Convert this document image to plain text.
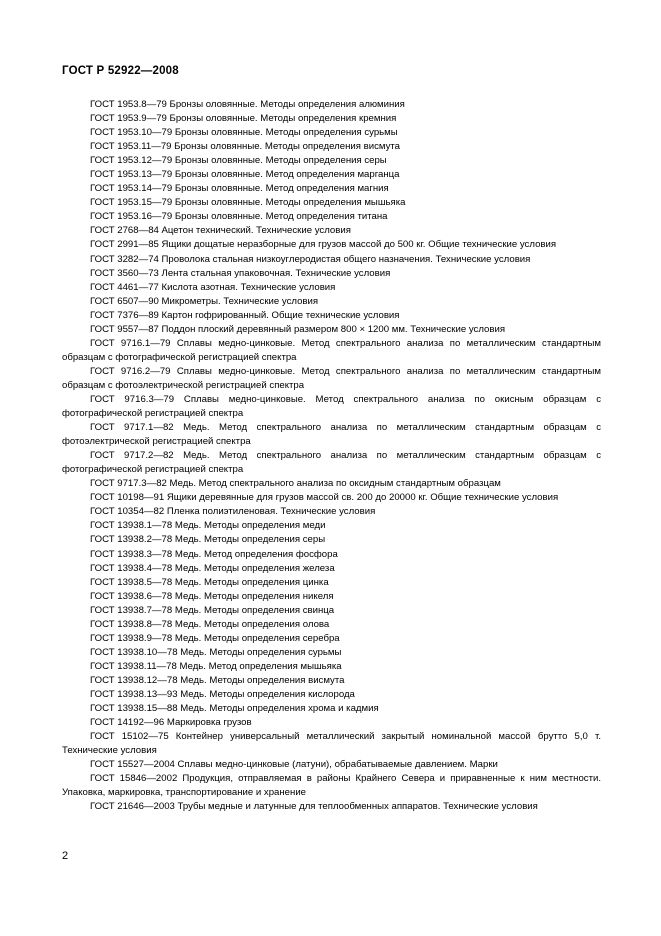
ГОСТ Р 52922—2008
ГОСТ 1953.8—79 Бронзы оловянные. Методы определения алюминия
ГОСТ 1953.9—79 Бронзы оловянные. Методы определения кремния
ГОСТ 1953.10—79 Бронзы оловянные. Методы определения сурьмы
ГОСТ 1953.11—79 Бронзы оловянные. Методы определения висмута
ГОСТ 1953.12—79 Бронзы оловянные. Методы определения серы
ГОСТ 1953.13—79 Бронзы оловянные. Метод определения марганца
ГОСТ 1953.14—79 Бронзы оловянные. Метод определения магния
ГОСТ 1953.15—79 Бронзы оловянные. Методы определения мышьяка
ГОСТ 1953.16—79 Бронзы оловянные. Метод определения титана
ГОСТ 2768—84 Ацетон технический. Технические условия
ГОСТ 2991—85 Ящики дощатые неразборные для грузов массой до 500 кг. Общие технические условия
ГОСТ 3282—74 Проволока стальная низкоуглеродистая общего назначения. Технические условия
ГОСТ 3560—73 Лента стальная упаковочная. Технические условия
ГОСТ 4461—77 Кислота азотная. Технические условия
ГОСТ 6507—90 Микрометры. Технические условия
ГОСТ 7376—89 Картон гофрированный. Общие технические условия
ГОСТ 9557—87 Поддон плоский деревянный размером 800 × 1200 мм. Технические условия
ГОСТ 9716.1—79 Сплавы медно-цинковые. Метод спектрального анализа по металлическим стандартным образцам с фотографической регистрацией спектра
ГОСТ 9716.2—79 Сплавы медно-цинковые. Метод спектрального анализа по металлическим стандартным образцам с фотоэлектрической регистрацией спектра
ГОСТ 9716.3—79 Сплавы медно-цинковые. Метод спектрального анализа по окисным образцам с фотографической регистрацией спектра
ГОСТ 9717.1—82 Медь. Метод спектрального анализа по металлическим стандартным образцам с фотоэлектрической регистрацией спектра
ГОСТ 9717.2—82 Медь. Метод спектрального анализа по металлическим стандартным образцам с фотографической регистрацией спектра
ГОСТ 9717.3—82 Медь. Метод спектрального анализа по оксидным стандартным образцам
ГОСТ 10198—91 Ящики деревянные для грузов массой св. 200 до 20000 кг. Общие технические условия
ГОСТ 10354—82 Пленка полиэтиленовая. Технические условия
ГОСТ 13938.1—78 Медь. Методы определения меди
ГОСТ 13938.2—78 Медь. Методы определения серы
ГОСТ 13938.3—78 Медь. Метод определения фосфора
ГОСТ 13938.4—78 Медь. Методы определения железа
ГОСТ 13938.5—78 Медь. Методы определения цинка
ГОСТ 13938.6—78 Медь. Методы определения никеля
ГОСТ 13938.7—78 Медь. Методы определения свинца
ГОСТ 13938.8—78 Медь. Методы определения олова
ГОСТ 13938.9—78 Медь. Методы определения серебра
ГОСТ 13938.10—78 Медь. Методы определения сурьмы
ГОСТ 13938.11—78 Медь. Метод определения мышьяка
ГОСТ 13938.12—78 Медь. Методы определения висмута
ГОСТ 13938.13—93 Медь. Методы определения кислорода
ГОСТ 13938.15—88 Медь. Методы определения хрома и кадмия
ГОСТ 14192—96 Маркировка грузов
ГОСТ 15102—75 Контейнер универсальный металлический закрытый номинальной массой брутто 5,0 т. Технические условия
ГОСТ 15527—2004 Сплавы медно-цинковые (латуни), обрабатываемые давлением. Марки
ГОСТ 15846—2002 Продукция, отправляемая в районы Крайнего Севера и приравненные к ним местности. Упаковка, маркировка, транспортирование и хранение
ГОСТ 21646—2003 Трубы медные и латунные для теплообменных аппаратов. Технические условия
2
